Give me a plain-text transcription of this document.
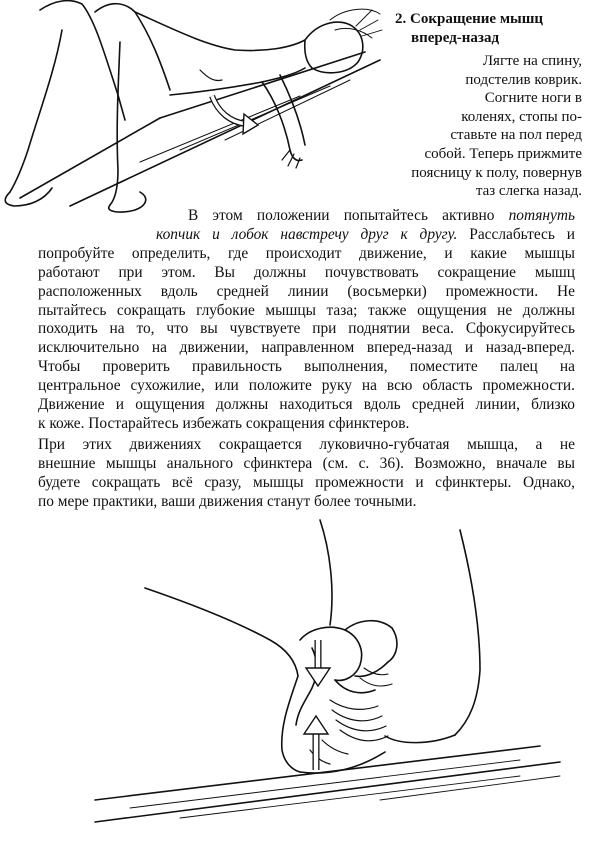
2. Сокращение мышц
вперед-назад
Лягте на спину,
подстелив коврик.
Согните ноги в
коленях, стопы по-
ставьте на пол перед
собой. Теперь прижмите
поясницу к полу, повернув
таз слегка назад.
В этом положении попытайтесь активно потянуть
копчик и лобок навстречу друг к другу. Расслабьтесь и
попробуйте определить, где происходит движение, и какие мышцы
работают при этом. Вы должны почувствовать сокращение мышц
расположенных вдоль средней линии (восьмерки) промежности. Не
пытайтесь сокращать глубокие мышцы таза; также ощущения не должны
походить на то, что вы чувствуете при поднятии веса. Сфокусируйтесь
исключительно на движении, направленном вперед-назад и назад-вперед.
Чтобы проверить правильность выполнения, поместите палец на
центральное сухожилие, или положите руку на всю область промежности.
Движение и ощущения должны находиться вдоль средней линии, близко
к коже. Постарайтесь избежать сокращения сфинктеров.
При этих движениях сокращается луковично-губчатая мышца, а не
внешние мышцы анального сфинктера (см. с. 36). Возможно, вначале вы
будете сокращать всё сразу, мышцы промежности и сфинктеры. Однако,
по мере практики, ваши движения станут более точными.
